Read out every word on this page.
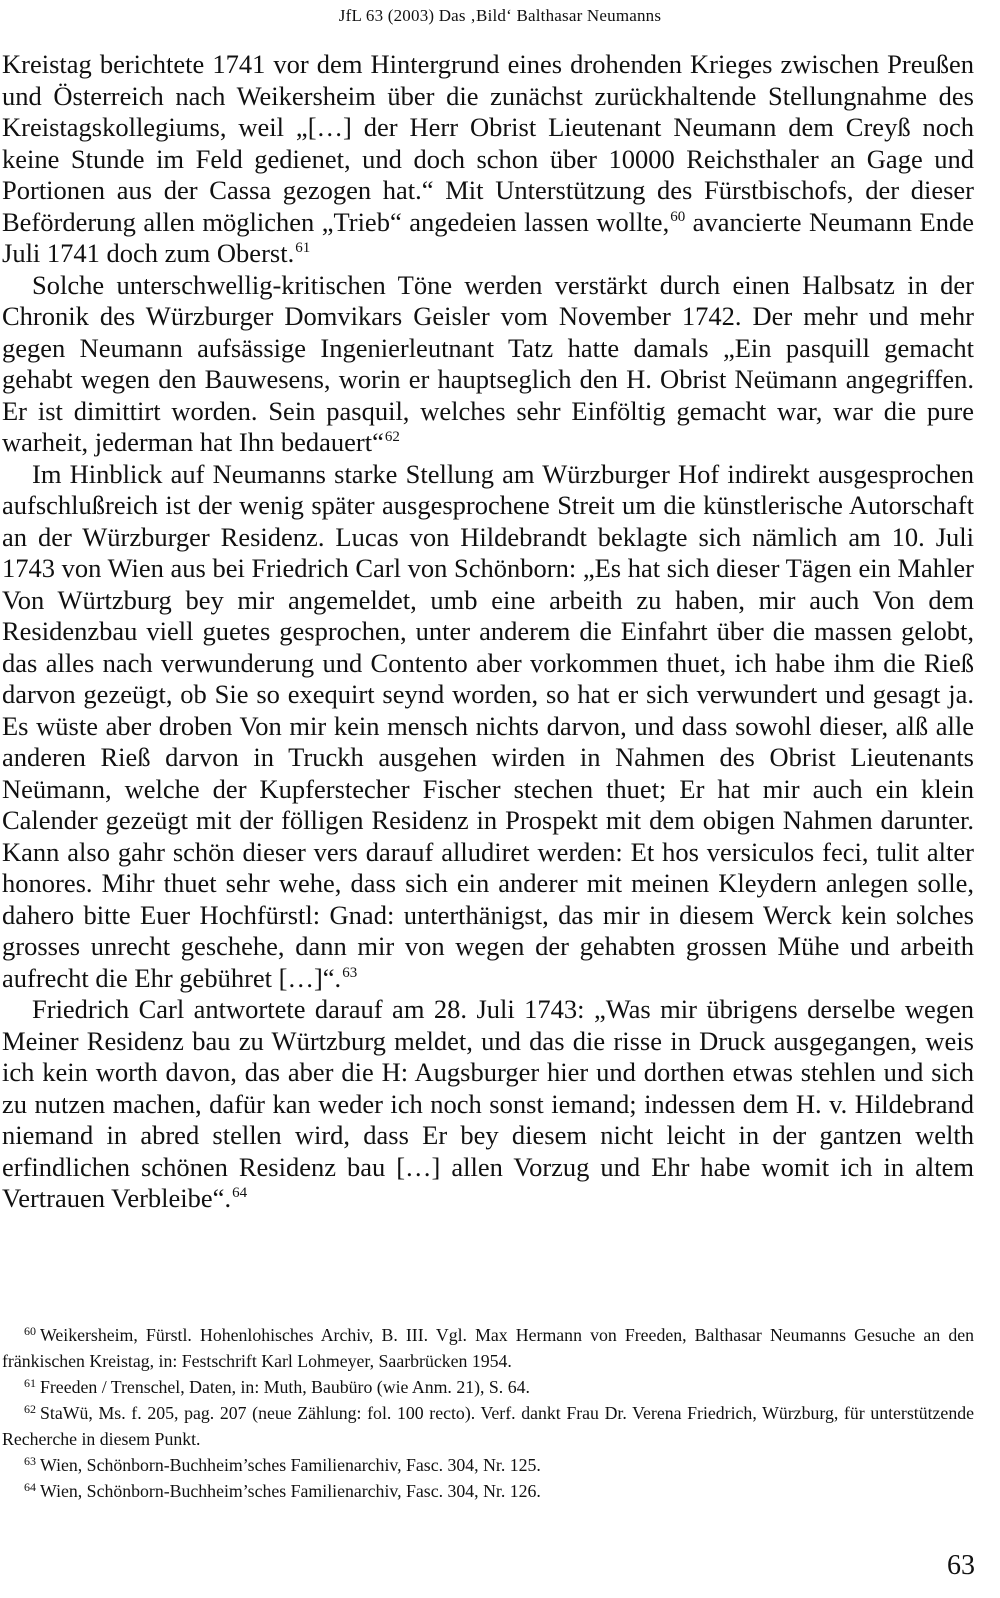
JfL 63 (2003) Das ‚Bild‘ Balthasar Neumanns

Kreistag berichtete 1741 vor dem Hintergrund eines drohenden Krieges zwischen Preußen und Österreich nach Weikersheim über die zunächst zurückhaltende Stellungnahme des Kreistagskollegiums, weil „[…] der Herr Obrist Lieutenant Neumann dem Creyß noch keine Stunde im Feld gedienet, und doch schon über 10000 Reichsthaler an Gage und Portionen aus der Cassa gezogen hat.“ Mit Unterstützung des Fürstbischofs, der dieser Beförderung allen möglichen „Trieb“ angedeien lassen wollte,$^{60}$ avancierte Neumann Ende Juli 1741 doch zum Oberst.$^{61}$

Solche unterschwellig-kritischen Töne werden verstärkt durch einen Halbsatz in der Chronik des Würzburger Domvikars Geisler vom November 1742. Der mehr und mehr gegen Neumann aufsässige Ingenierleutnant Tatz hatte damals „Ein pasquill gemacht gehabt wegen den Bauwesens, worin er hauptseglich den H. Obrist Neümann angegriffen. Er ist dimittirt worden. Sein pasquil, welches sehr Einföltig gemacht war, war die pure warheit, jederman hat Ihn bedauert“$^{62}$

Im Hinblick auf Neumanns starke Stellung am Würzburger Hof indirekt ausgesprochen aufschlußreich ist der wenig später ausgesprochene Streit um die künstlerische Autorschaft an der Würzburger Residenz. Lucas von Hildebrandt beklagte sich nämlich am 10. Juli 1743 von Wien aus bei Friedrich Carl von Schönborn: „Es hat sich dieser Tägen ein Mahler Von Würtzburg bey mir angemeldet, umb eine arbeith zu haben, mir auch Von dem Residenzbau viell guetes gesprochen, unter anderem die Einfahrt über die massen gelobt, das alles nach verwunderung und Contento aber vorkommen thuet, ich habe ihm die Rieß darvon gezeügt, ob Sie so exequirt seynd worden, so hat er sich verwundert und gesagt ja. Es wüste aber droben Von mir kein mensch nichts darvon, und dass sowohl dieser, alß alle anderen Rieß darvon in Truckh ausgehen wirden in Nahmen des Obrist Lieutenants Neümann, welche der Kupferstecher Fischer stechen thuet; Er hat mir auch ein klein Calender gezeügt mit der fölligen Residenz in Prospekt mit dem obigen Nahmen darunter. Kann also gahr schön dieser vers darauf alludiret werden: Et hos versiculos feci, tulit alter honores. Mihr thuet sehr wehe, dass sich ein anderer mit meinen Kleydern anlegen solle, dahero bitte Euer Hochfürstl: Gnad: unterthänigst, das mir in diesem Werck kein solches grosses unrecht geschehe, dann mir von wegen der gehabten grossen Mühe und arbeith aufrecht die Ehr gebühret […]“.$^{63}$

Friedrich Carl antwortete darauf am 28. Juli 1743: „Was mir übrigens derselbe wegen Meiner Residenz bau zu Würtzburg meldet, und das die risse in Druck ausgegangen, weis ich kein worth davon, das aber die H: Augsburger hier und dorthen etwas stehlen und sich zu nutzen machen, dafür kan weder ich noch sonst iemand; indessen dem H. v. Hildebrand niemand in abred stellen wird, dass Er bey diesem nicht leicht in der gantzen welth erfindlichen schönen Residenz bau […] allen Vorzug und Ehr habe womit ich in altem Vertrauen Verbleibe“.$^{64}$

$^{60}$ Weikersheim, Fürstl. Hohenlohisches Archiv, B. III. Vgl. Max Hermann von Freeden, Balthasar Neumanns Gesuche an den fränkischen Kreistag, in: Festschrift Karl Lohmeyer, Saarbrücken 1954.

$^{61}$ Freeden / Trenschel, Daten, in: Muth, Baubüro (wie Anm. 21), S. 64.

$^{62}$ StaWü, Ms. f. 205, pag. 207 (neue Zählung: fol. 100 recto). Verf. dankt Frau Dr. Verena Friedrich, Würzburg, für unterstützende Recherche in diesem Punkt.

$^{63}$ Wien, Schönborn-Buchheim’sches Familienarchiv, Fasc. 304, Nr. 125.

$^{64}$ Wien, Schönborn-Buchheim’sches Familienarchiv, Fasc. 304, Nr. 126.

63
